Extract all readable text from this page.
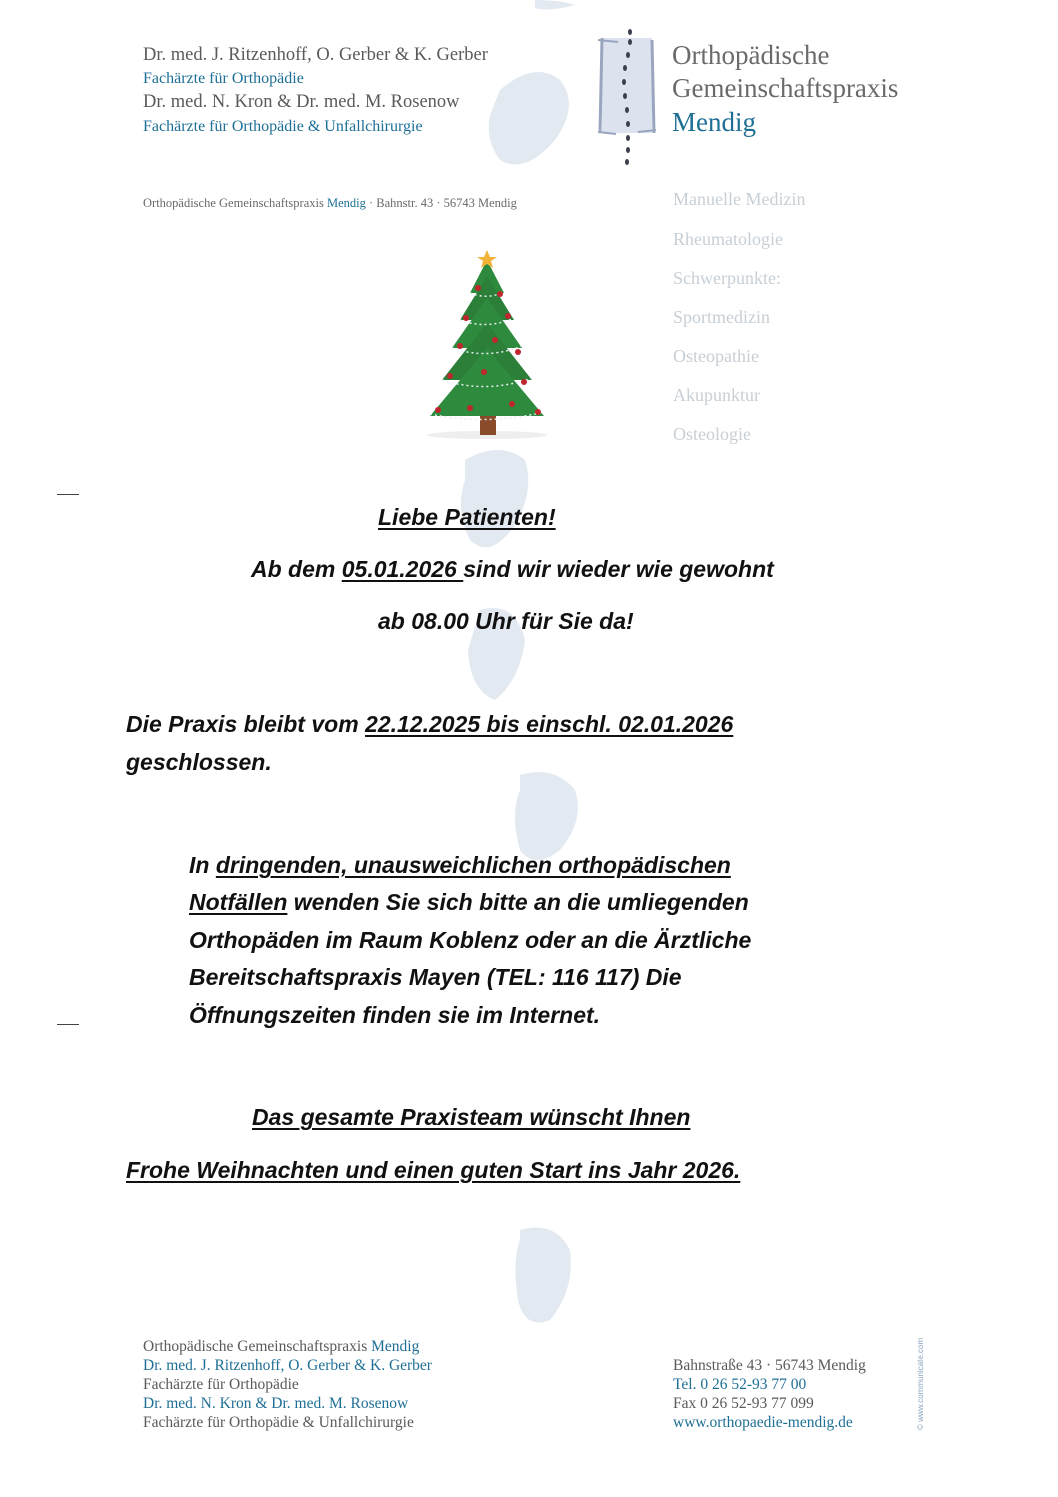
Dr. med. J. Ritzenhoff, O. Gerber & K. Gerber
Fachärzte für Orthopädie
Dr. med. N. Kron & Dr. med. M. Rosenow
Fachärzte für Orthopädie & Unfallchirurgie
Orthopädische Gemeinschaftspraxis Mendig · Bahnstr. 43 · 56743 Mendig
Orthopädische
Gemeinschaftspraxis
Mendig
Manuelle Medizin
Rheumatologie
Schwerpunkte:
Sportmedizin
Osteopathie
Akupunktur
Osteologie
Liebe Patienten!
Ab dem 05.01.2026 sind wir wieder wie gewohnt
ab 08.00 Uhr für Sie da!
Die Praxis bleibt vom 22.12.2025 bis einschl. 02.01.2026
geschlossen.
In dringenden, unausweichlichen orthopädischen
Notfällen wenden Sie sich bitte an die umliegenden
Orthopäden im Raum Koblenz oder an die Ärztliche
Bereitschaftspraxis Mayen (TEL: 116 117) Die
Öffnungszeiten finden sie im Internet.
Das gesamte Praxisteam wünscht Ihnen
Frohe Weihnachten und einen guten Start ins Jahr 2026.
Orthopädische Gemeinschaftspraxis Mendig
Dr. med. J. Ritzenhoff, O. Gerber & K. Gerber
Fachärzte für Orthopädie
Dr. med. N. Kron & Dr. med. M. Rosenow
Fachärzte für Orthopädie & Unfallchirurgie
Bahnstraße 43 · 56743 Mendig
Tel. 0 26 52-93 77 00
Fax 0 26 52-93 77 099
www.orthopaedie-mendig.de	© www.communicate.com
